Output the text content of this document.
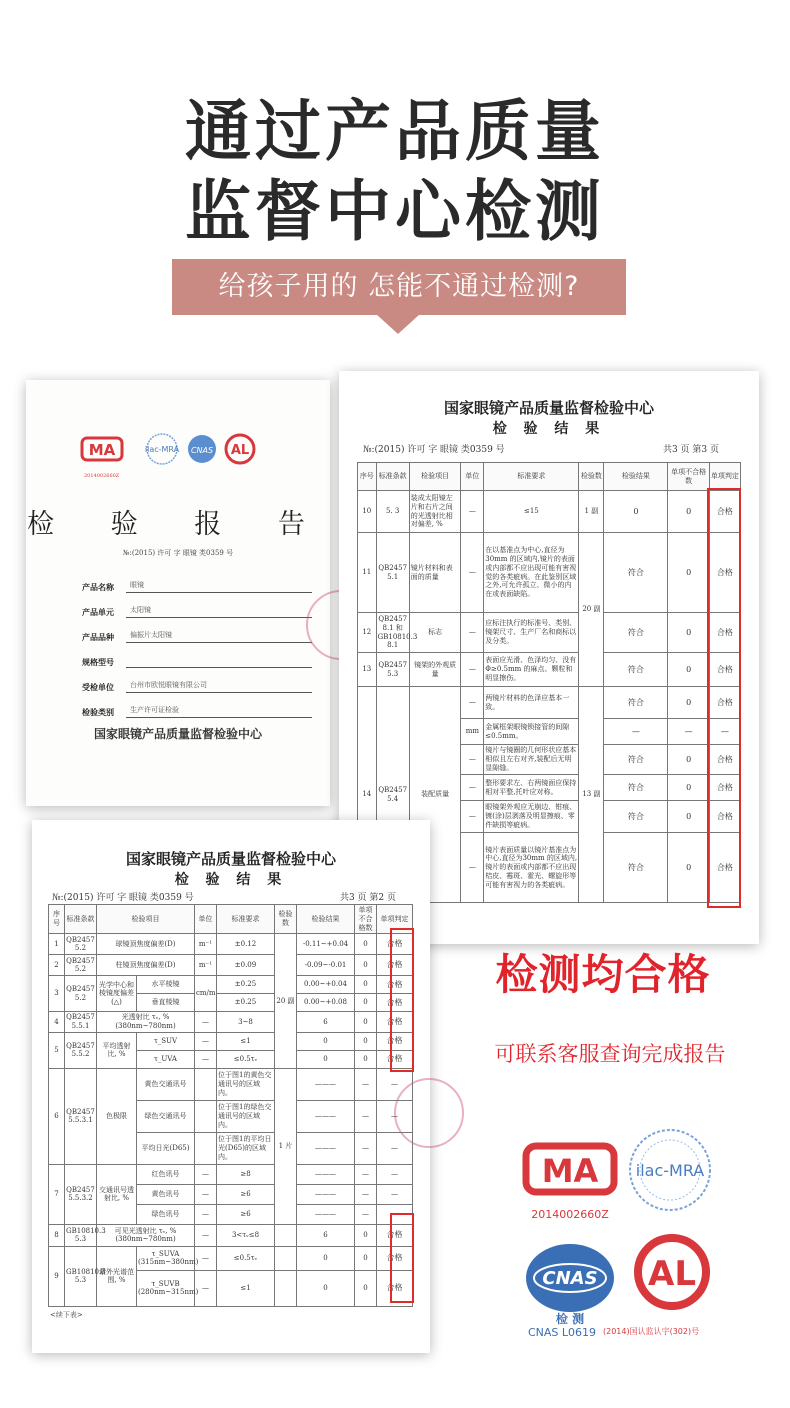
通过产品质量
监督中心检测
给孩子用的 怎能不通过检测?
MA	ilac-MRA CNAS AL
2014002660Z
检 验 报 告
№:(2015) 许可 字 眼镜 类0359 号
产品名称	眼镜
产品单元	太阳镜
产品品种	偏振片太阳镜
规格型号
受检单位	台州市欧悦眼镜有限公司
检验类别	生产许可证检验
国家眼镜产品质量监督检验中心
国家眼镜产品质量监督检验中心
检 验 结 果
№:(2015) 许可 字 眼镜 类0359 号	共3 页 第3 页
序号	标准条款	检验项目	单位	标准要求	检验数	检验结果	单项不合格数	单项判定
10	5. 3	装成太阳镜左片和右片之间的光透射比相对偏差, %	—	≤15	1 副	0	0	合格
11	QB2457 5.1	镜片材料和表面的质量	—	在以基准点为中心,直径为30mm 的区域内,镜片的表面或内部都不应出现可能有害视觉的各类疵病。在此鉴别区域之外,可允许孤立、微小的内在或表面缺陷。	20 副	符合	0	合格
12	QB2457 8.1 和 GB10810.3 8.1	标志	—	应标注执行的标准号、类别、镜架尺寸、生产厂名和商标以及分类。		符合	0	合格
13	QB2457 5.3	镜架的外观质量	—	表面应光滑、色泽均匀、没有Φ≥0.5mm 的麻点、颗粒和明显擦伤。		符合	0	合格
14	QB2457 5.4	装配质量	—	两镜片材料的色泽应基本一致。	13 副	符合	0	合格
			mm	金属框架眼镜锁接管的间隙≤0.5mm。		—	—	—
			—	镜片与镜圈的几何形状应基本相似且左右对齐,装配后无明显隙缝。		符合	0	合格
			—	整形要求左、右两镜面应保持相对平整,托叶应对称。		符合	0	合格
			—	眼镜架外观应无崩边、钳痕、镀(涂)层剥落及明显擦痕、零件缺损等疵病。		符合	0	合格
			—	镜片表面质量以镜片基准点为中心,直径为30mm 的区域内,镜片的表面或内部都不应出现桔皮、霉斑、霍光、螺旋形等可能有害视力的各类疵病。		符合	0	合格
国家眼镜产品质量监督检验中心
检 验 结 果
№:(2015) 许可 字 眼镜 类0359 号	共3 页 第2 页
序号	标准条款	检验项目		单位	标准要求	检验数	检验结果	单项不合格数	单项判定
1	QB2457 5.2	球镜顶焦度偏差(D)		m⁻¹	±0.12	20 副	-0.11~+0.04	0	合格
2	QB2457 5.2	柱镜顶焦度偏差(D)		m⁻¹	±0.09		-0.09~-0.01	0	合格
3	QB2457 5.2	光学中心和棱镜度偏差(△)	水平棱镜	cm/m	±0.25		0.00~+0.04	0	合格
			垂直棱镜		±0.25		0.00~+0.08	0	合格
4	QB2457 5.5.1	光透射比 τᵥ, % (380nm~780nm)		—	3~8		6	0	合格
5	QB2457 5.5.2	平均透射比, %	τ_SUV	—	≤1		0	0	合格
			τ_UVA	—	≤0.5τᵥ		0	0	合格
6	QB2457 5.5.3.1	色极限	黄色交通讯号		位于图1的黄色交通讯号的区域内。	1 片	———	—	—
			绿色交通讯号		位于图1的绿色交通讯号的区域内。		———	—	—
			平均日光(D65)		位于图1的平均日光(D65)的区域内。		———	—	—
7	QB2457 5.5.3.2	交通讯号透射比, %	红色讯号	—	≥8		———	—	—
			黄色讯号	—	≥6		———	—	—
			绿色讯号	—	≥6		———	—	—
8	GB10810.3 5.3	可见光透射比 τᵥ, % (380nm~780nm)		—	3<τᵥ≤8		6	0	合格
9	GB10810.3 5.3	紫外光谱范围, %	τ_SUVA (315nm~380nm)	—	≤0.5τᵥ		0	0	合格
			τ_SUVB (280nm~315nm)	—	≤1		0	0	合格
<续下表>
检测均合格
可联系客服查询完成报告
MA ilac-MRA
CNAS AL
2014002660Z
检 测
CNAS L0619 (2014)国认监认字(302)号
